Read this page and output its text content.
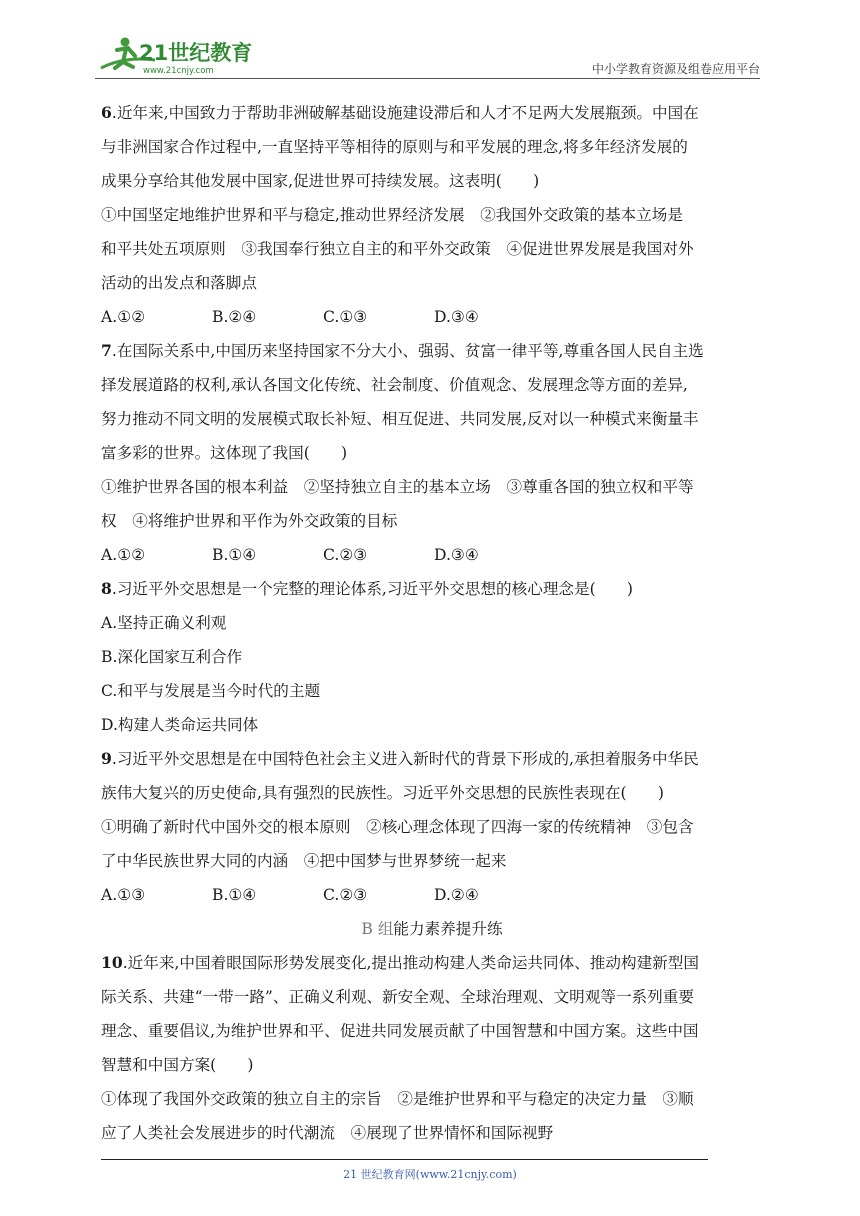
21世纪教育
www.21cnjy.com	中小学教育资源及组卷应用平台

6.近年来,中国致力于帮助非洲破解基础设施建设滞后和人才不足两大发展瓶颈。中国在

与非洲国家合作过程中,一直坚持平等相待的原则与和平发展的理念,将多年经济发展的

成果分享给其他发展中国家,促进世界可持续发展。这表明(　　)

①中国坚定地维护世界和平与稳定,推动世界经济发展　②我国外交政策的基本立场是

和平共处五项原则　③我国奉行独立自主的和平外交政策　④促进世界发展是我国对外

活动的出发点和落脚点

A.①②	B.②④	C.①③	D.③④

7.在国际关系中,中国历来坚持国家不分大小、强弱、贫富一律平等,尊重各国人民自主选

择发展道路的权利,承认各国文化传统、社会制度、价值观念、发展理念等方面的差异,

努力推动不同文明的发展模式取长补短、相互促进、共同发展,反对以一种模式来衡量丰

富多彩的世界。这体现了我国(　　)

①维护世界各国的根本利益　②坚持独立自主的基本立场　③尊重各国的独立权和平等

权　④将维护世界和平作为外交政策的目标

A.①②	B.①④	C.②③	D.③④

8.习近平外交思想是一个完整的理论体系,习近平外交思想的核心理念是(　　)

A.坚持正确义利观

B.深化国家互利合作

C.和平与发展是当今时代的主题

D.构建人类命运共同体

9.习近平外交思想是在中国特色社会主义进入新时代的背景下形成的,承担着服务中华民

族伟大复兴的历史使命,具有强烈的民族性。习近平外交思想的民族性表现在(　　)

①明确了新时代中国外交的根本原则　②核心理念体现了四海一家的传统精神　③包含

了中华民族世界大同的内涵　④把中国梦与世界梦统一起来

A.①③	B.①④	C.②③	D.②④

B 组能力素养提升练

10.近年来,中国着眼国际形势发展变化,提出推动构建人类命运共同体、推动构建新型国

际关系、共建“一带一路”、正确义利观、新安全观、全球治理观、文明观等一系列重要

理念、重要倡议,为维护世界和平、促进共同发展贡献了中国智慧和中国方案。这些中国

智慧和中国方案(　　)

①体现了我国外交政策的独立自主的宗旨　②是维护世界和平与稳定的决定力量　③顺

应了人类社会发展进步的时代潮流　④展现了世界情怀和国际视野

21 世纪教育网(www.21cnjy.com)
